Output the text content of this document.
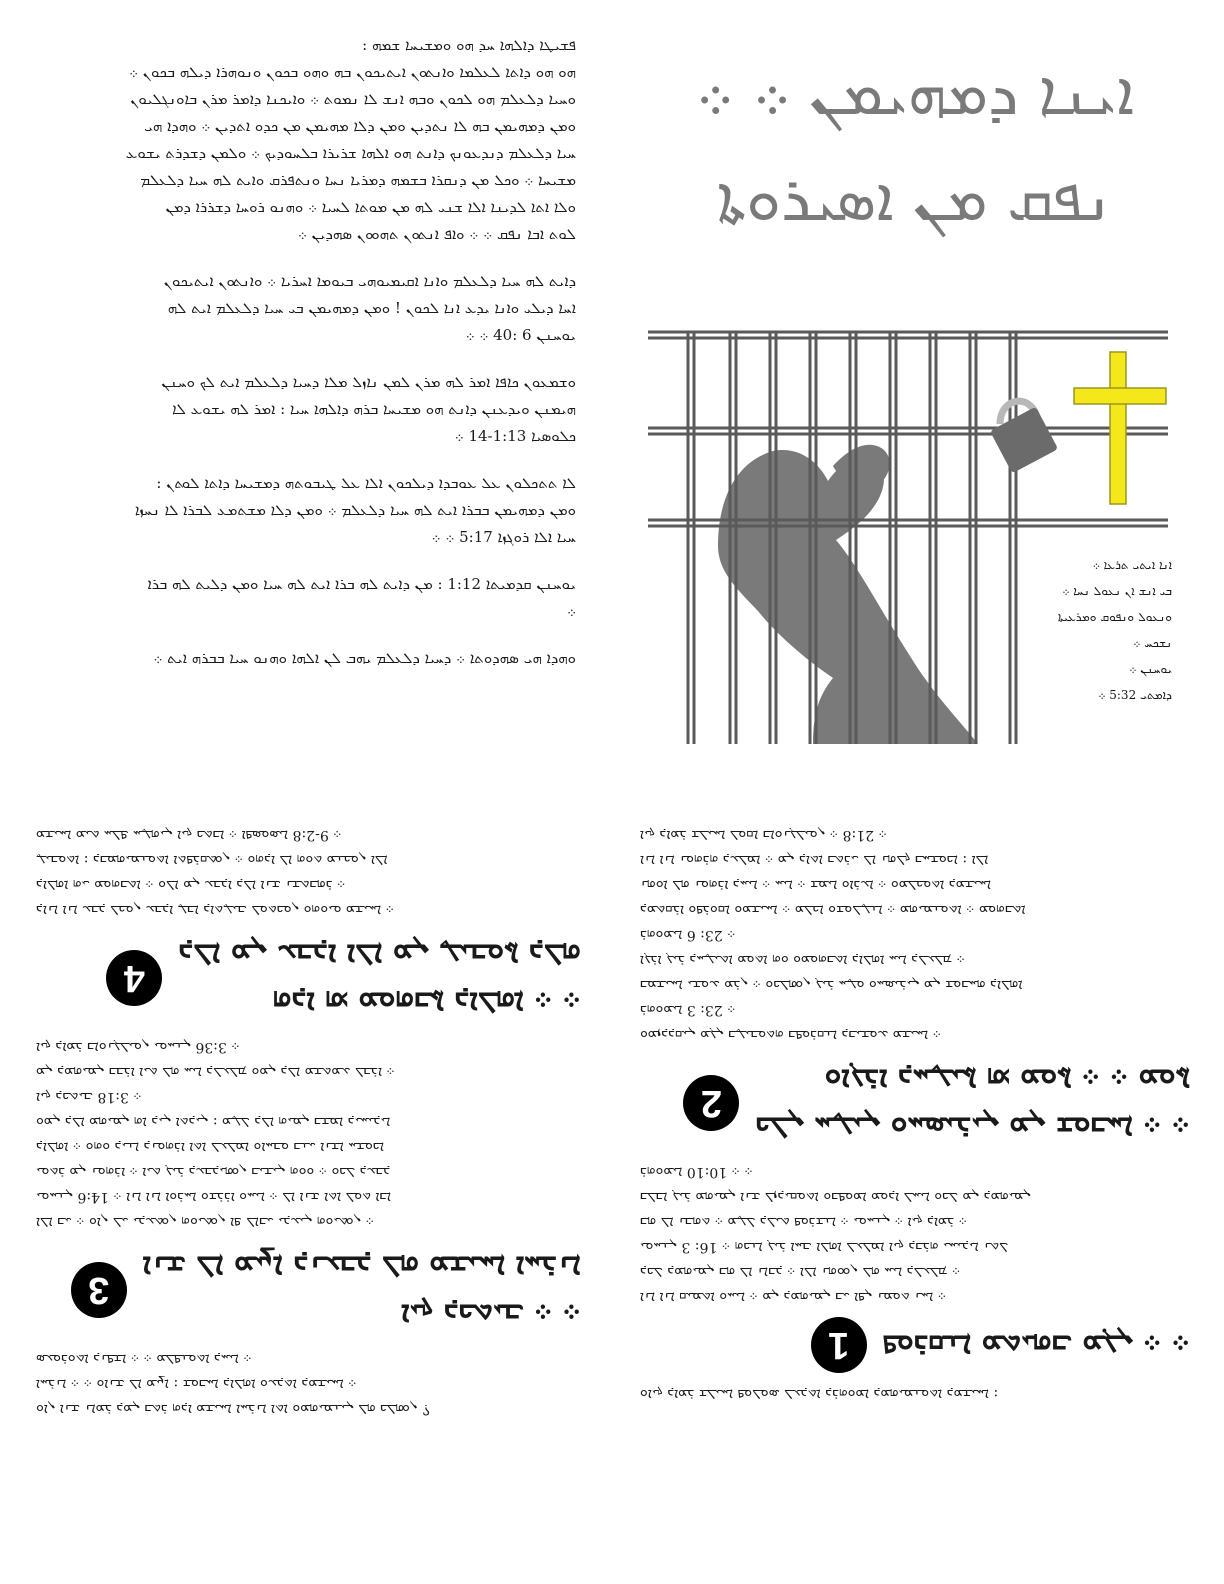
ܦܫܝܛܐ ܕܐܠܗܐ ܚܕ ܗܘ ܘܡܫܝܚܐ ܫܡܗ :
ܗܘ ܗܘ ܕܐܬܐ ܠܥܠܡܐ ܘܐܢܬܘܢ ܐܝܬܝܟܘܢ ܒܗ ܘܗܘ ܒܟܘܢ ܘܢܘܗܪܐ ܕܝܠܗ ܒܟܘܢ ܀
ܘܚܝܐ ܕܠܥܠܡ ܗܘ ܠܟܘܢ ܘܒܗ ܐܢܫ ܠܐ ܢܡܘܬ ܀ ܘܐܝܟܢܐ ܕܐܡܪ ܡܪܢ ܒܐܘܢܓܠܝܘܢ
ܘܡܢ ܕܡܗܝܡܢ ܒܗ ܠܐ ܢܬܕܝܢ ܘܡܢ ܕܠܐ ܡܗܝܡܢ ܡܢ ܟܕܘ ܐܬܕܝܢ ܀ ܘܗܕܐ ܗܝ
ܚܝܐ ܕܠܥܠܡ ܕܢܕܥܘܢܟ ܕܐܢܬ ܗܘ ܐܠܗܐ ܫܪܝܪܐ ܒܠܚܘܕܝܟ ܀ ܘܠܡܢ ܕܫܕܪܬ ܝܫܘܥ
ܡܫܝܚܐ ܀ ܘܟܠ ܡܢ ܕܢܩܪܐ ܒܫܡܗ ܕܡܪܝܐ ܢܚܐ ܘܢܬܦܪܩ ܘܐܝܬ ܠܗ ܚܝܐ ܕܠܥܠܡ
ܘܠܐ ܐܬܐ ܠܕܝܢܐ ܐܠܐ ܫܢܝ ܠܗ ܡܢ ܡܘܬܐ ܠܚܝܐ ܀ ܘܗܢܘ ܪܘܚܐ ܕܫܪܪܐ ܕܡܢ
ܠܘܬ ܐܒܐ ܢܦܩ ܀ ܀ ܘܐܦ ܐܢܬܘܢ ܬܗܘܘܢ ܣܗܕܝܢ ܀
ܕܐܝܬ ܠܗ ܚܝܐ ܕܠܥܠܡ ܘܐܢܐ ܐܩܝܡܝܘܗܝ ܒܝܘܡܐ ܐܚܪܝܐ ܀ ܘܐܢܬܘܢ ܐܝܬܝܟܘܢ
ܐܚܐ ܕܝܠܝ ܘܐܢܐ ܝܕܥ ܐܢܐ ܠܟܘܢ ! ܘܡܢ ܕܡܗܝܡܢ ܒܝ ܚܝܐ ܕܠܥܠܡ ܐܝܬ ܠܗ
ܝܘܚܢܢ 6 :40 ܀ ܀
ܘܫܡܥܘܢ ܟܐܦܐ ܐܡܪ ܠܗ ܡܪܢ ܠܡܢ ܢܐܙܠ ܡܠܐ ܕܚܝܐ ܕܠܥܠܡ ܐܝܬ ܠܟ ܘܚܢܢ
ܗܝܡܢܢ ܘܝܕܥܢܢ ܕܐܢܬ ܗܘ ܡܫܝܚܐ ܒܪܗ ܕܐܠܗܐ ܚܝܐ : ܐܡܪ ܠܗ ܝܫܘܥ ܠܐ
ܟܠܘܣܝܐ 1:13-14 ܀
ܠܐ ܬܬܟܠܘܢ ܥܠ ܥܘܒܕܐ ܕܝܠܟܘܢ ܐܠܐ ܥܠ ܛܝܒܘܬܗ ܕܡܫܝܚܐ ܕܐܬܐ ܠܘܬܢ :
ܘܡܢ ܕܡܗܝܡܢ ܒܒܪܐ ܐܝܬ ܠܗ ܚܝܐ ܕܠܥܠܡ ܀ ܘܡܢ ܕܠܐ ܡܫܬܡܥ ܠܒܪܐ ܠܐ ܢܚܙܐ
ܚܝܐ ܐܠܐ ܪܘܓܙܐ 5:17 ܀ ܀
ܝܘܚܢܢ ܩܕܡܝܬܐ 1:12 : ܡܢ ܕܐܝܬ ܠܗ ܒܪܐ ܐܝܬ ܠܗ ܚܝܐ ܘܡܢ ܕܠܝܬ ܠܗ ܒܪܐ
܀
ܘܗܕܐ ܗܝ ܣܗܕܘܬܐ ܀ ܕܚܝܐ ܕܠܥܠܡ ܝܗܒ ܠܢ ܐܠܗܐ ܘܗܢܘ ܚܝܐ ܒܒܪܗ ܐܝܬ ܀
ܐܝܢܐ ܕܡܗܝܡܢ ܀ ܀
ܢܦܩ ܡܢ ܐܣܝܪܘܬܐ
ܐܢܐ ܐܝܬܝ ܬܪܥܐ ܀
ܒܝ ܐܢܫ ܐܢ ܢܥܘܠ ܢܚܐ ܀
ܘܢܥܘܠ ܘܢܦܘܩ ܘܡܪܥܝܬܐ
ܢܫܟܚ ܀
ܝܘܚܢܢ ܀
ܕܐܡܬܝ 5:32 ܀
ܘܐܢ ܐܢܫ ܢܐܡܪ ܕܡܢ ܒܬܪ ܗܕܐ ܡܫܝܚܐ ܐܚܪܢܐ ܐܬܐ ܘܡܗܝܡܢܝܢ ܠܗ ܟܠܗܘܢ ؟
ܐܚܪܢܐ ܀ ܀ ܘܐܢܫ ܠܐ ܡܨܐ : ܫܘܒܚܐ ܕܐܠܗܐ ܘܥܕܬܐ ܕܡܫܝܚܐ ܀
ܣܥܘܪܘܬܐ ܕܢܦܫܐ ܀ ܀ ܡܠܦܢܘܬܐ ܕܚܝܐ ܀
ܐܝܟ ܕܟܬܝܒ ܀ ܀
ܐܢܫ ܠܐ ܡܨܐ ܕܢܥܒܕ ܠܗ ܡܫܝܚܐ ܐܚܪܢܐ
3
ܐܠܐ ܒܝ ܀ ܘܐܢ ܠܝ ܝܕܥܬܘܢ ܗܘܝܬܘܢ ܐܦ ܠܐܒܝ ܝܕܥܝܢ ܗܘܝܬܘܢ ܀
ܝܘܚܢܢ 14:6 ܀ ܐܢܐ ܐܢܐ ܐܘܪܚܐ ܘܫܪܪܐ ܘܚܝܐ ܀ ܠܐ ܐܢܫ ܐܬܐ ܠܘܬ ܐܒܐ
ܝܘܬܪ ܡܢ ܢܘܗܪܐ ܀ ܐܝܬ ܓܝܪ ܕܥܒܕܝܗܘܢ ܒܝܫܝܢ ܗܘܘ ܀ ܘܟܠ ܕܥܒܕ
ܕܐܠܗܐ ܀ ܘܗܘ ܕܝܢܐ ܕܢܘܗܪܐ ܐܬܐ ܠܥܠܡܐ ܘܐܚܒܘ ܒܢܝ ܐܢܫܐ ܚܫܘܟܐ
ܘܡܢ ܕܠܐ ܡܗܝܡܢ ܗܐ ܕܝܢ ܐܬܕܝܢ : ܡܛܠ ܕܠܐ ܗܝܡܢ ܒܫܡܐ ܕܝܚܝܕܝܐ
ܐܝܟ ܕܟܬܝܒ 3:18 ܀
ܡܢ ܕܡܗܝܡܢ ܒܒܪܐ ܐܝܬ ܠܗ ܚܝܐ ܕܠܥܠܡ ܘܡܢ ܕܠܐ ܡܫܬܡܥ ܠܒܪܐ ܀
ܐܝܟ ܕܐܡܪ ܒܐܘܢܓܠܝܘܢ ܝܘܚܢܢ 3:36 ܀
ܗܕܐ ܗܝ ܡܘܗܒܬܐ ܕܐܠܗܐ ܀ ܀
ܕܠܐ ܡܢ ܥܒܕܐ ܐܠܐ ܡܢ ܛܝܒܘܬܐ ܕܠܗ
4
ܕܐܢܐ ܐܢܐ ܥܒܕ ܠܟܘܢ ܥܒܕܐ ܛܒܐ ܕܐܬܛܝܒ ܠܘܬܟܘܢ ܘܗܘܝܘ ܡܫܝܚܐ ܀
ܕܐܠܗܐ ܗܝ ܡܘܗܒܬܐ ܀ ܘܠܐ ܡܢ ܥܒܕܐ ܕܠܐ ܐܢܫ ܢܫܬܒܗܪ ܀
ܛܝܒܘܬܐ : ܕܒܡܗܝܡܢܘܬܐ ܐܬܦܪܩܬܘܢ ܀ ܘܗܕܐ ܠܐ ܗܘܬ ܡܢܟܘܢ ܐܠܐ
ܡܫܝܚܐ ܡܝܬ ܚܠܦ ܚܛܗܝܢ ܐܝܟ ܟܬܒܐ ܀ ܐܦܣܘܣܝܐ 2:8-9 ܀
ܘܐܝܟ ܕܐܡܪ ܫܠܝܚܐ ܦܘܠܘܣ ܠܥܕܬܐ ܕܪܗܘܡܐ ܕܡܗܝܡܢܘܬܐ ܕܡܫܝܚܐ :
ܦܘܪܩܢܐ ܡܬܝܗܒ ܡܓܢ ܀ ܀
1
ܐܢܐ ܐܢܐ ܩܝܡܬܐ ܘܚܝܐ ܀ ܡܢ ܕܡܗܝܡܢ ܒܝ ܐܦܢ ܢܡܘܬ ܢܚܐ ܀
ܕܟܠ ܕܡܗܝܡܢ ܒܗ ܠܐ ܢܐܒܕ ܀ ܐܠܐ ܢܗܘܘܢ ܠܗ ܚܝܐ ܕܠܥܠܡ ܀
ܝܘܚܢܢ 3 :16 ܀ ܗܟܢܐ ܓܝܪ ܐܚܒ ܐܠܗܐ ܠܥܠܡܐ ܐܝܟ ܕܒܪܗ ܝܚܝܕܝܐ ܢܬܠ
ܒܗ ܠܐ ܢܒܗܬ ܀ ܡܛܠ ܕܠܝܬ ܦܘܪܫܢܐ ܀ ܝܘܚܢܢ ܀ ܐܝܟ ܕܐܡܪ ܀
ܒܠܒܐ ܓܝܪ ܡܗܝܡܢ ܐܢܫ ܠܙܕܝܩܘܬܐ ܘܒܦܘܡܐ ܡܘܕܐ ܠܚܝܐ ܘܟܠ ܡܢ ܕܡܗܝܡܢ
ܪܗܘܡܝܐ 10:10 ܀ ܀
ܟܠܢ ܚܛܝܢ ܘܚܣܝܪܝܢ ܡܢ ܫܘܒܚܐ ܀ ܀
ܘܐܓܪܐ ܕܚܛܝܬܐ ܗܝ ܡܘܬܐ ܀ ܀ ܡܘܬܐ
2
ܘܡܙܕܕܩܝܢ ܡܓܢ ܒܛܝܒܘܬܗ ܒܦܘܪܩܢܐ ܕܒܝܫܘܥ ܡܫܝܚܐ ܀
ܪܗܘܡܝܐ 3 :23 ܀
ܒܡܫܝܚܐ ܝܫܘܥ ܡܪܢ ܀ ܘܟܠܗܘܢ ܓܝܪ ܚܛܘ ܘܚܣܝܪܝܢ ܡܢ ܫܘܒܚܗ ܕܐܠܗܐ
ܐܓܪܐ ܓܝܪ ܕܚܛܝܬܐ ܡܘܬܐ ܗܘ ܘܡܘܗܒܬܐ ܕܐܠܗܐ ܚܝܐ ܕܠܥܠܡ ܀
ܪܗܘܡܝܐ 6 :23 ܀
ܕܡܬܩܪܐ ܘܦܪܘܩܐ ܘܡܫܝܚܐ ܀ ܡܠܟܐ ܘܫܘܠܛܢܐ ܀ ܡܗܝܡܢܘܬܐ ܀ ܡܘܗܒܬܐ
ܢܗܘܐ ܠܗ ܢܘܗܪܐ ܕܚܝܐ ܀ ܚܝܐ ܀ ܫܡܝܐ ܘܐܪܥܐ ܀ ܘܡܠܟܘܬܐ ܕܡܫܝܚܐ
ܐܢܐ ܐܢܐ ܢܘܗܪܗ ܕܥܠܡܐ ܀ ܡܢ ܕܐܬܐ ܒܬܪܝ ܠܐ ܢܗܠܟ ܒܚܫܘܟܐ : ܐܠܐ
ܐܝܟ ܕܐܡܪ ܫܠܝܚܐ ܠܘܩܐ ܒܐܘܢܓܠܝܘܢ ܀ 21:8 ܀
